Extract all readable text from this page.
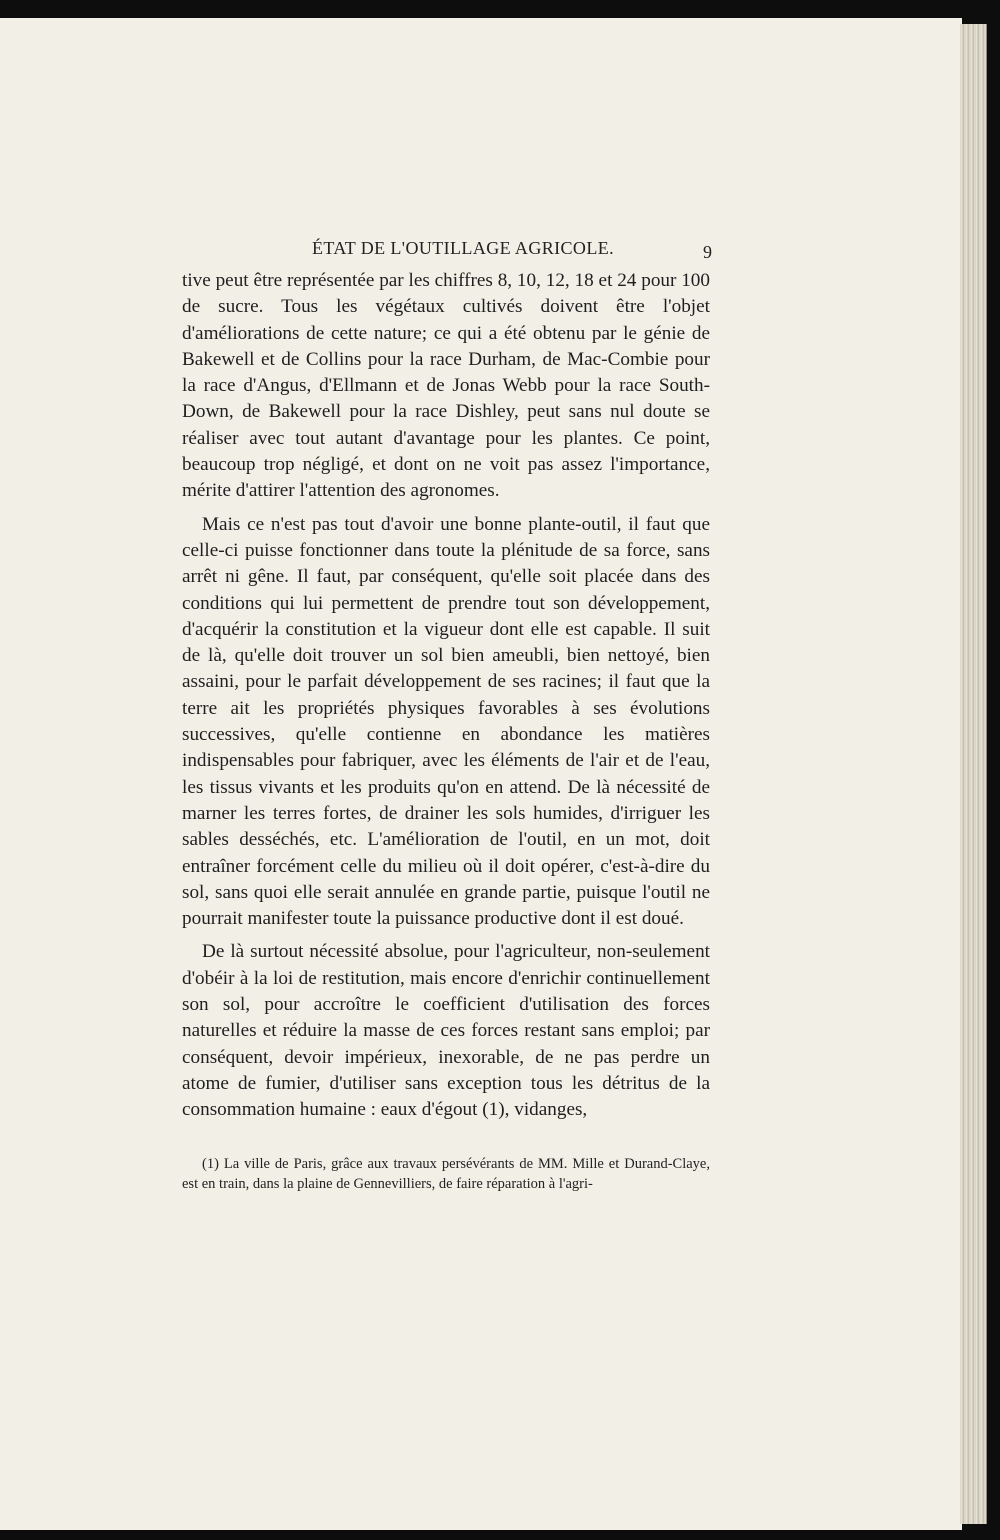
ÉTAT DE L'OUTILLAGE AGRICOLE.	9

tive peut être représentée par les chiffres 8, 10, 12, 18 et 24 pour 100 de sucre. Tous les végétaux cultivés doivent être l'objet d'améliorations de cette nature; ce qui a été obtenu par le génie de Bakewell et de Collins pour la race Durham, de Mac-Combie pour la race d'Angus, d'Ellmann et de Jonas Webb pour la race South-Down, de Bakewell pour la race Dishley, peut sans nul doute se réaliser avec tout autant d'avantage pour les plantes. Ce point, beaucoup trop négligé, et dont on ne voit pas assez l'importance, mérite d'attirer l'attention des agronomes.

Mais ce n'est pas tout d'avoir une bonne plante-outil, il faut que celle-ci puisse fonctionner dans toute la plénitude de sa force, sans arrêt ni gêne. Il faut, par conséquent, qu'elle soit placée dans des conditions qui lui permettent de prendre tout son développement, d'acquérir la constitution et la vigueur dont elle est capable. Il suit de là, qu'elle doit trouver un sol bien ameubli, bien nettoyé, bien assaini, pour le parfait développement de ses racines; il faut que la terre ait les propriétés physiques favorables à ses évolutions successives, qu'elle contienne en abondance les matières indispensables pour fabriquer, avec les éléments de l'air et de l'eau, les tissus vivants et les produits qu'on en attend. De là nécessité de marner les terres fortes, de drainer les sols humides, d'irriguer les sables desséchés, etc. L'amélioration de l'outil, en un mot, doit entraîner forcément celle du milieu où il doit opérer, c'est-à-dire du sol, sans quoi elle serait annulée en grande partie, puisque l'outil ne pourrait manifester toute la puissance productive dont il est doué.

De là surtout nécessité absolue, pour l'agriculteur, non-seulement d'obéir à la loi de restitution, mais encore d'enrichir continuellement son sol, pour accroître le coefficient d'utilisation des forces naturelles et réduire la masse de ces forces restant sans emploi; par conséquent, devoir impérieux, inexorable, de ne pas perdre un atome de fumier, d'utiliser sans exception tous les détritus de la consommation humaine : eaux d'égout (1), vidanges,

(1) La ville de Paris, grâce aux travaux persévérants de MM. Mille et Durand-Claye, est en train, dans la plaine de Gennevilliers, de faire réparation à l'agri-
